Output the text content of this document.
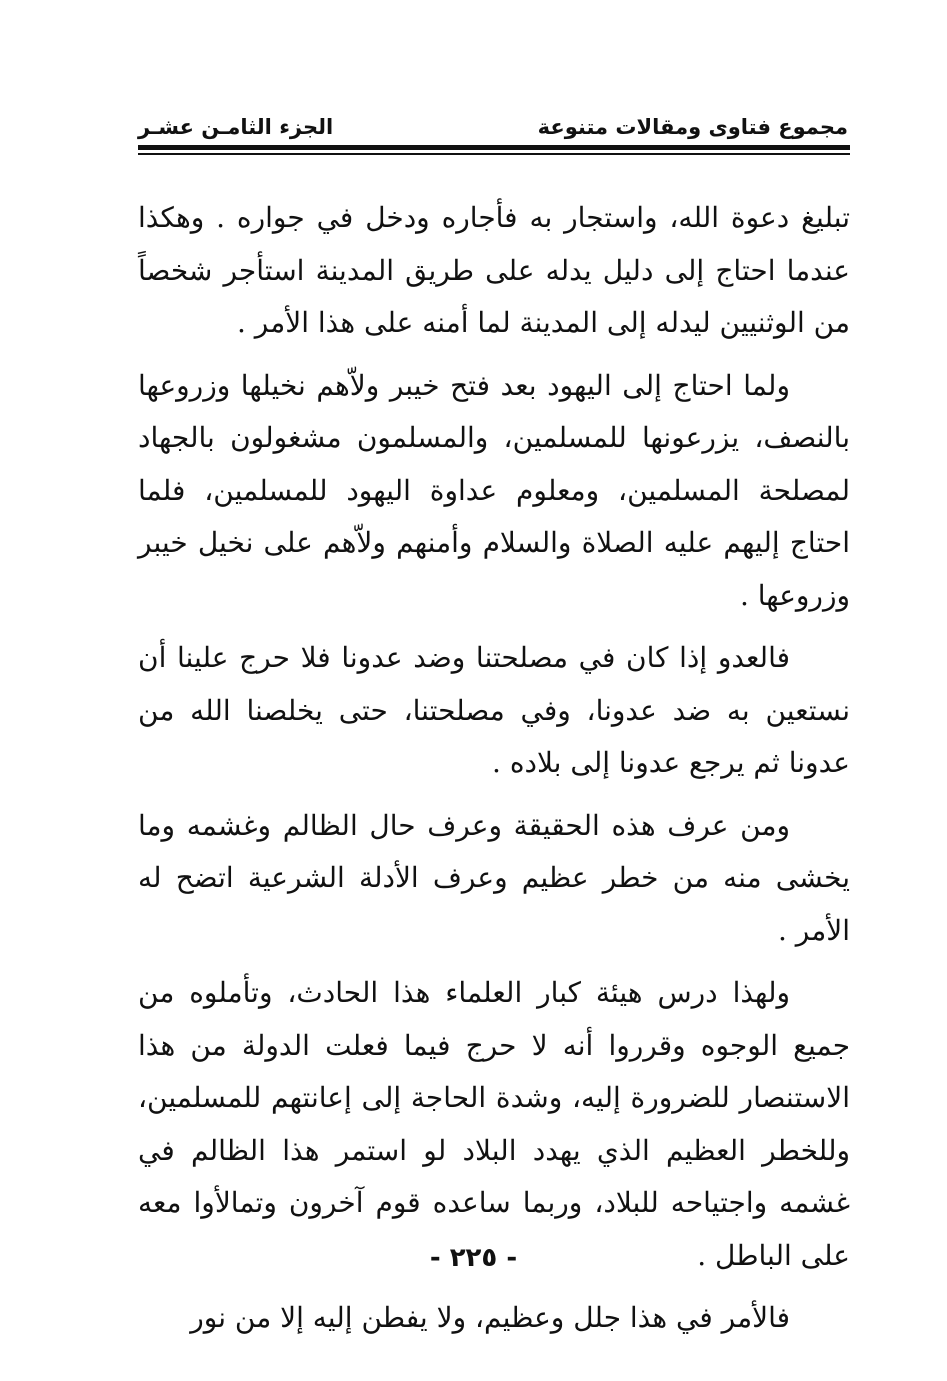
مجموع فتاوى ومقالات متنوعة
الجزء الثامـن عشـر

تبليغ دعوة الله، واستجار به فأجاره ودخل في جواره . وهكذا عندما احتاج إلى دليل يدله على طريق المدينة استأجر شخصاً من الوثنيين ليدله إلى المدينة لما أمنه على هذا الأمر .

ولما احتاج إلى اليهود بعد فتح خيبر ولاّهم نخيلها وزروعها بالنصف، يزرعونها للمسلمين، والمسلمون مشغولون بالجهاد لمصلحة المسلمين، ومعلوم عداوة اليهود للمسلمين، فلما احتاج إليهم عليه الصلاة والسلام وأمنهم ولاّهم على نخيل خيبر وزروعها .

فالعدو إذا كان في مصلحتنا وضد عدونا فلا حرج علينا أن نستعين به ضد عدونا، وفي مصلحتنا، حتى يخلصنا الله من عدونا ثم يرجع عدونا إلى بلاده .

ومن عرف هذه الحقيقة وعرف حال الظالم وغشمه وما يخشى منه من خطر عظيم وعرف الأدلة الشرعية اتضح له الأمر .

ولهذا درس هيئة كبار العلماء هذا الحادث، وتأملوه من جميع الوجوه وقرروا أنه لا حرج فيما فعلت الدولة من هذا الاستنصار للضرورة إليه، وشدة الحاجة إلى إعانتهم للمسلمين، وللخطر العظيم الذي يهدد البلاد لو استمر هذا الظالم في غشمه واجتياحه للبلاد، وربما ساعده قوم آخرون وتمالأوا معه على الباطل .

فالأمر في هذا جلل وعظيم، ولا يفطن إليه إلا من نور

- ٢٢٥ -
